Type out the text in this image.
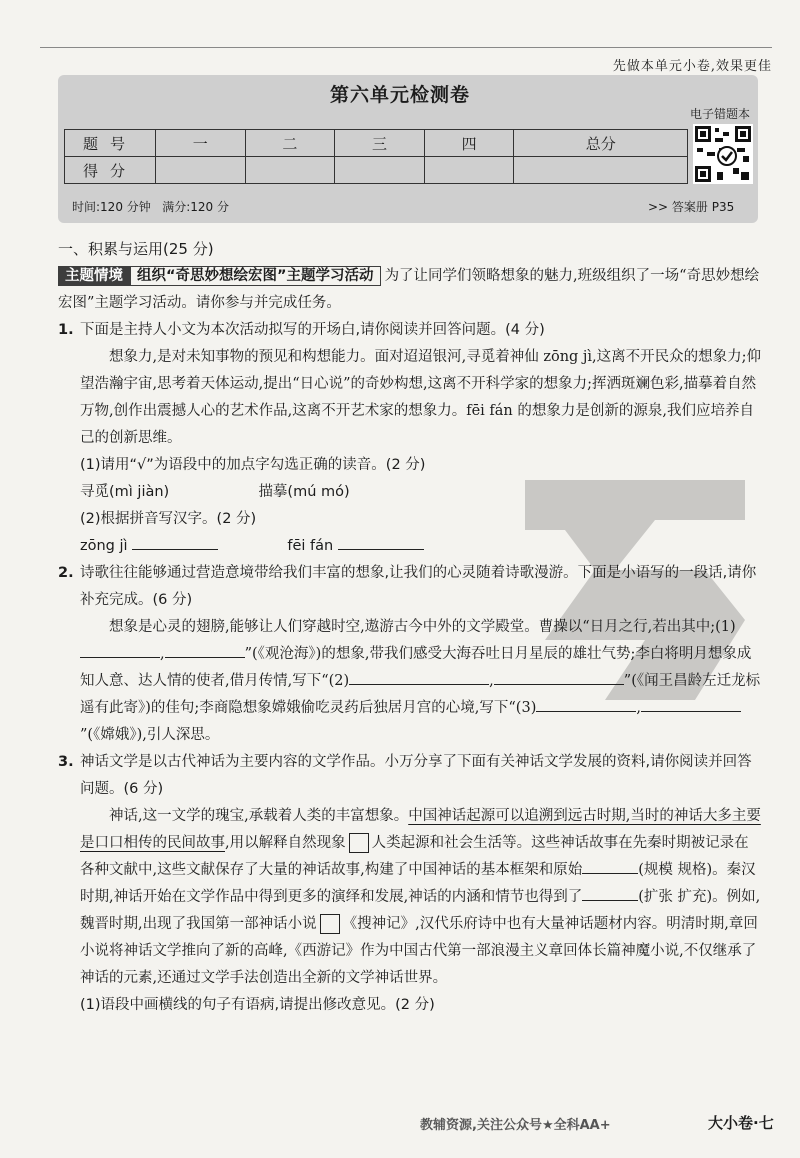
先做本单元小卷,效果更佳
第六单元检测卷
电子错题本
题号	一	二	三	四	总分
得分					
时间:120 分钟 满分:120 分	>> 答案册 P35

一、积累与运用(25 分)

主题情境 组织“奇思妙想绘宏图”主题学习活动 为了让同学们领略想象的魅力,班级组织了一场“奇思妙想绘宏图”主题学习活动。请你参与并完成任务。

1. 下面是主持人小文为本次活动拟写的开场白,请你阅读并回答问题。(4 分)

想象力,是对未知事物的预见和构想能力。面对迢迢银河,寻觅着神仙 zōng jì,这离不开民众的想象力;仰望浩瀚宇宙,思考着天体运动,提出“日心说”的奇妙构想,这离不开科学家的想象力;挥洒斑斓色彩,描摹着自然万物,创作出震撼人心的艺术作品,这离不开艺术家的想象力。fēi fán 的想象力是创新的源泉,我们应培养自己的创新思维。

(1)请用“√”为语段中的加点字勾选正确的读音。(2 分)

寻觅(mì jiàn)	描摹(mú mó)

(2)根据拼音写汉字。(2 分)

zōng jì	fēi fán

2. 诗歌往往能够通过营造意境带给我们丰富的想象,让我们的心灵随着诗歌漫游。下面是小语写的一段话,请你补充完成。(6 分)

想象是心灵的翅膀,能够让人们穿越时空,遨游古今中外的文学殿堂。曹操以“日月之行,若出其中;(1),	”(《观沧海》)的想象,带我们感受大海吞吐日月星辰的雄壮气势;李白将明月想象成知人意、达人情的使者,借月传情,写下“(2)	,	”(《闻王昌龄左迁龙标遥有此寄》)的佳句;李商隐想象嫦娥偷吃灵药后独居月宫的心境,写下“(3)	,”(《嫦娥》),引人深思。

3. 神话文学是以古代神话为主要内容的文学作品。小万分享了下面有关神话文学发展的资料,请你阅读并回答问题。(6 分)

神话,这一文学的瑰宝,承载着人类的丰富想象。中国神话起源可以追溯到远古时期,当时的神话大多主要是口口相传的民间故事,用以解释自然现象 人类起源和社会生活等。这些神话故事在先秦时期被记录在各种文献中,这些文献保存了大量的神话故事,构建了中国神话的基本框架和原始	(规模 规格)。秦汉时期,神话开始在文学作品中得到更多的演绎和发展,神话的内涵和情节也得到了	(扩张 扩充)。例如,魏晋时期,出现了我国第一部神话小说 《搜神记》,汉代乐府诗中也有大量神话题材内容。明清时期,章回小说将神话文学推向了新的高峰,《西游记》作为中国古代第一部浪漫主义章回体长篇神魔小说,不仅继承了神话的元素,还通过文学手法创造出全新的文学神话世界。

(1)语段中画横线的句子有语病,请提出修改意见。(2 分)

教辅资源,关注公众号★全科AA+	大小卷·七
